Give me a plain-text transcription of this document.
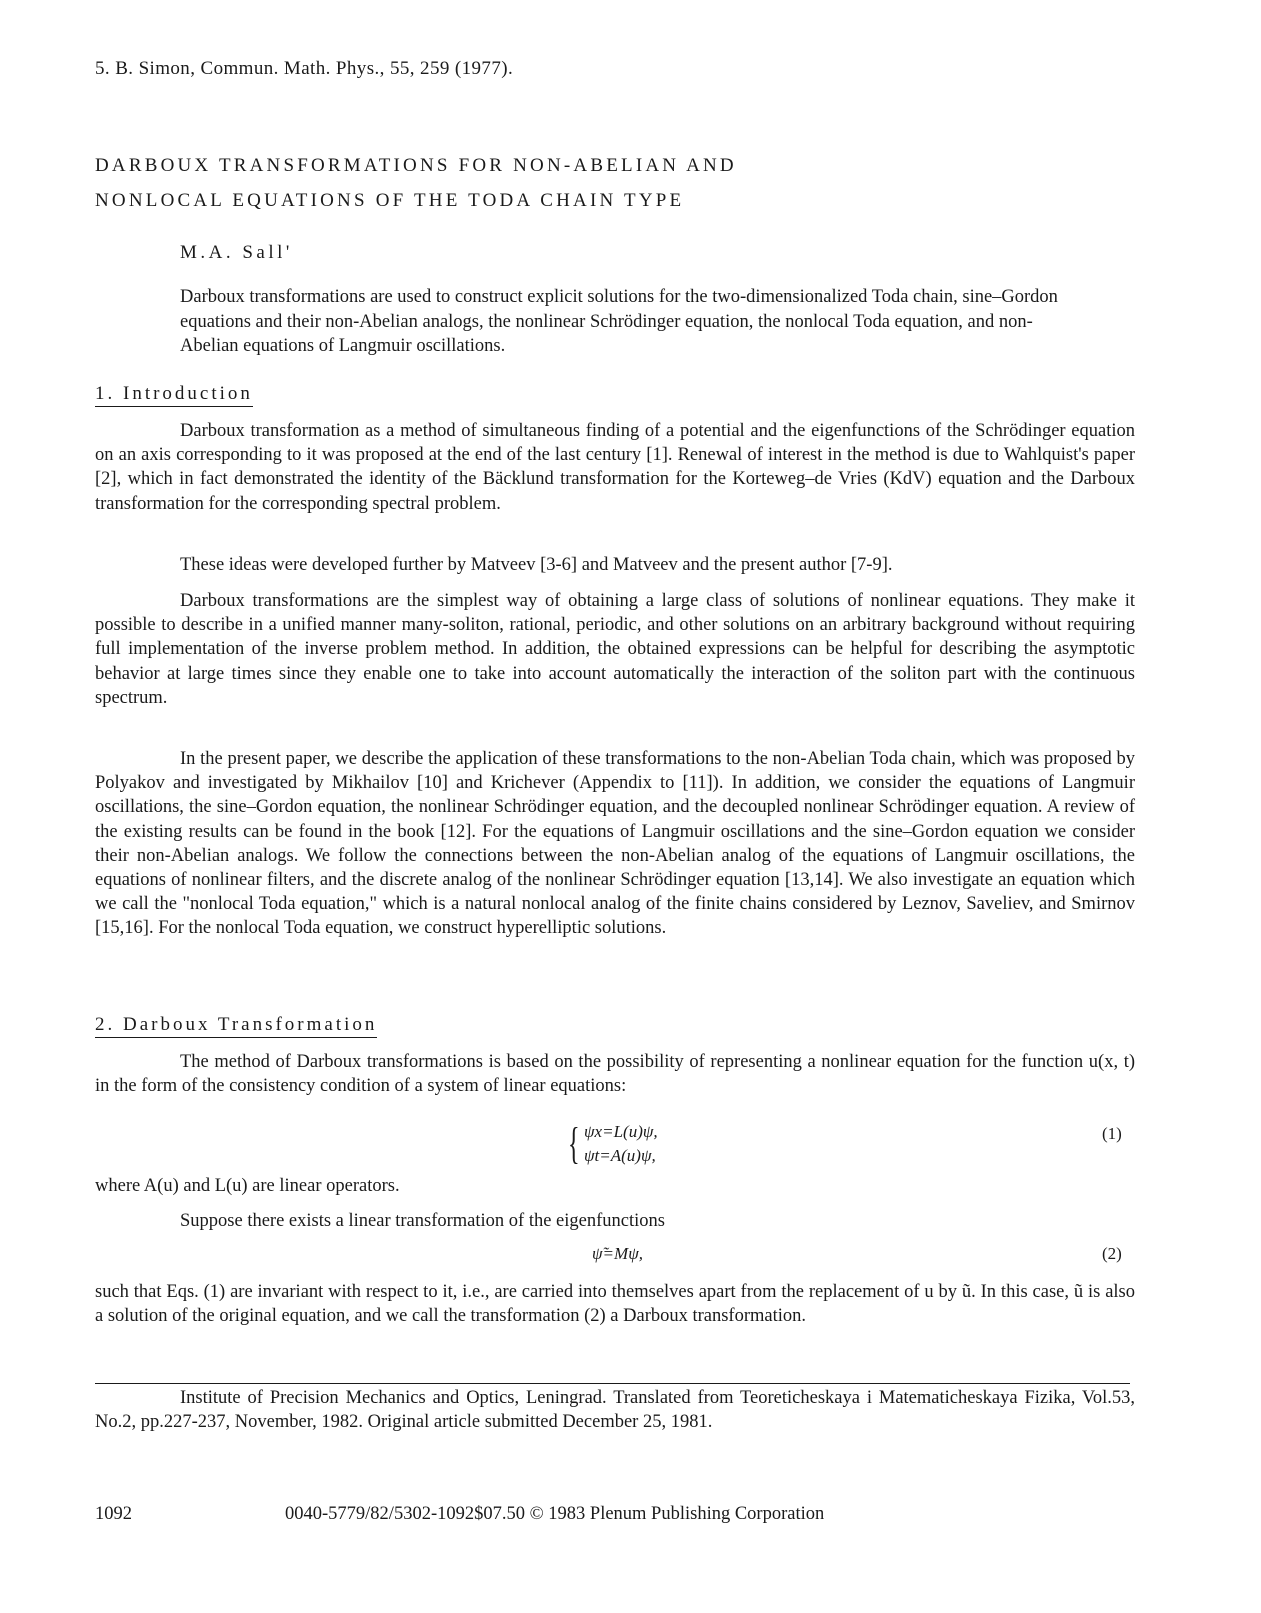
5. B. Simon, Commun. Math. Phys., 55, 259 (1977).
DARBOUX TRANSFORMATIONS FOR NON-ABELIAN AND
NONLOCAL EQUATIONS OF THE TODA CHAIN TYPE
M.A. Sall'
Darboux transformations are used to construct explicit solutions for the two-dimensionalized Toda chain, sine–Gordon equations and their non-Abelian analogs, the nonlinear Schrödinger equation, the nonlocal Toda equation, and non-Abelian equations of Langmuir oscillations.
1. Introduction
Darboux transformation as a method of simultaneous finding of a potential and the eigenfunctions of the Schrödinger equation on an axis corresponding to it was proposed at the end of the last century [1]. Renewal of interest in the method is due to Wahlquist's paper [2], which in fact demonstrated the identity of the Bäcklund transformation for the Korteweg–de Vries (KdV) equation and the Darboux transformation for the corresponding spectral problem.
These ideas were developed further by Matveev [3-6] and Matveev and the present author [7-9].
Darboux transformations are the simplest way of obtaining a large class of solutions of nonlinear equations. They make it possible to describe in a unified manner many-soliton, rational, periodic, and other solutions on an arbitrary background without requiring full implementation of the inverse problem method. In addition, the obtained expressions can be helpful for describing the asymptotic behavior at large times since they enable one to take into account automatically the interaction of the soliton part with the continuous spectrum.
In the present paper, we describe the application of these transformations to the non-Abelian Toda chain, which was proposed by Polyakov and investigated by Mikhailov [10] and Krichever (Appendix to [11]). In addition, we consider the equations of Langmuir oscillations, the sine–Gordon equation, the nonlinear Schrödinger equation, and the decoupled nonlinear Schrödinger equation. A review of the existing results can be found in the book [12]. For the equations of Langmuir oscillations and the sine–Gordon equation we consider their non-Abelian analogs. We follow the connections between the non-Abelian analog of the equations of Langmuir oscillations, the equations of nonlinear filters, and the discrete analog of the nonlinear Schrödinger equation [13,14]. We also investigate an equation which we call the "nonlocal Toda equation," which is a natural nonlocal analog of the finite chains considered by Leznov, Saveliev, and Smirnov [15,16]. For the nonlocal Toda equation, we construct hyperelliptic solutions.
2. Darboux Transformation
The method of Darboux transformations is based on the possibility of representing a nonlinear equation for the function u(x, t) in the form of the consistency condition of a system of linear equations:
{ ψx=L(u)ψ,
ψt=A(u)ψ,
(1)
where A(u) and L(u) are linear operators.
Suppose there exists a linear transformation of the eigenfunctions
ψ̃=Mψ,	(2)
such that Eqs. (1) are invariant with respect to it, i.e., are carried into themselves apart from the replacement of u by ũ. In this case, ũ is also a solution of the original equation, and we call the transformation (2) a Darboux transformation.
Institute of Precision Mechanics and Optics, Leningrad. Translated from Teoreticheskaya i Matematicheskaya Fizika, Vol.53, No.2, pp.227-237, November, 1982. Original article submitted December 25, 1981.
1092	0040-5779/82/5302-1092$07.50 © 1983 Plenum Publishing Corporation
